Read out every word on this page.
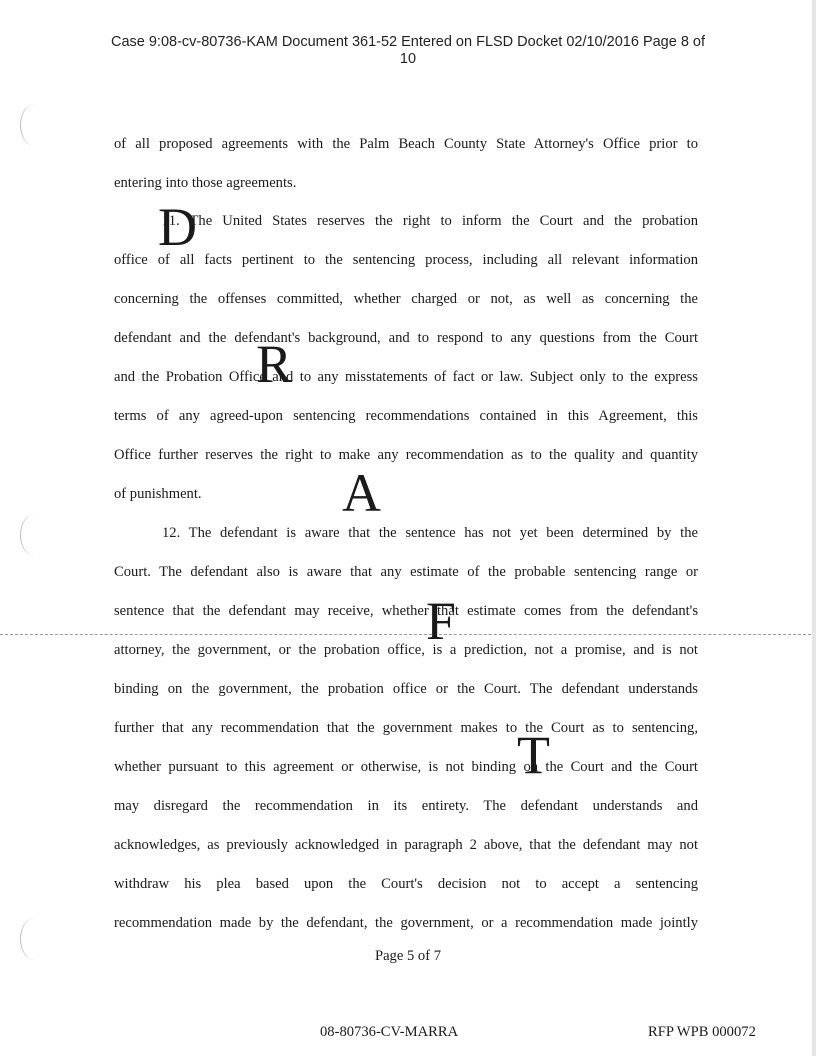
Case 9:08-cv-80736-KAM Document 361-52 Entered on FLSD Docket 02/10/2016 Page 8 of
10
of all proposed agreements with the Palm Beach County State Attorney's Office prior to
entering into those agreements.
11. The United States reserves the right to inform the Court and the probation
office of all facts pertinent to the sentencing process, including all relevant information
concerning the offenses committed, whether charged or not, as well as concerning the
defendant and the defendant's background, and to respond to any questions from the Court
and the Probation Office and to any misstatements of fact or law. Subject only to the express
terms of any agreed-upon sentencing recommendations contained in this Agreement, this
Office further reserves the right to make any recommendation as to the quality and quantity
of punishment.
12. The defendant is aware that the sentence has not yet been determined by the
Court. The defendant also is aware that any estimate of the probable sentencing range or
sentence that the defendant may receive, whether that estimate comes from the defendant's
attorney, the government, or the probation office, is a prediction, not a promise, and is not
binding on the government, the probation office or the Court. The defendant understands
further that any recommendation that the government makes to the Court as to sentencing,
whether pursuant to this agreement or otherwise, is not binding on the Court and the Court
may disregard the recommendation in its entirety. The defendant understands and
acknowledges, as previously acknowledged in paragraph 2 above, that the defendant may not
withdraw his plea based upon the Court's decision not to accept a sentencing
recommendation made by the defendant, the government, or a recommendation made jointly
D
R
A
F
T
Page 5 of 7
08-80736-CV-MARRA	RFP WPB 000072
